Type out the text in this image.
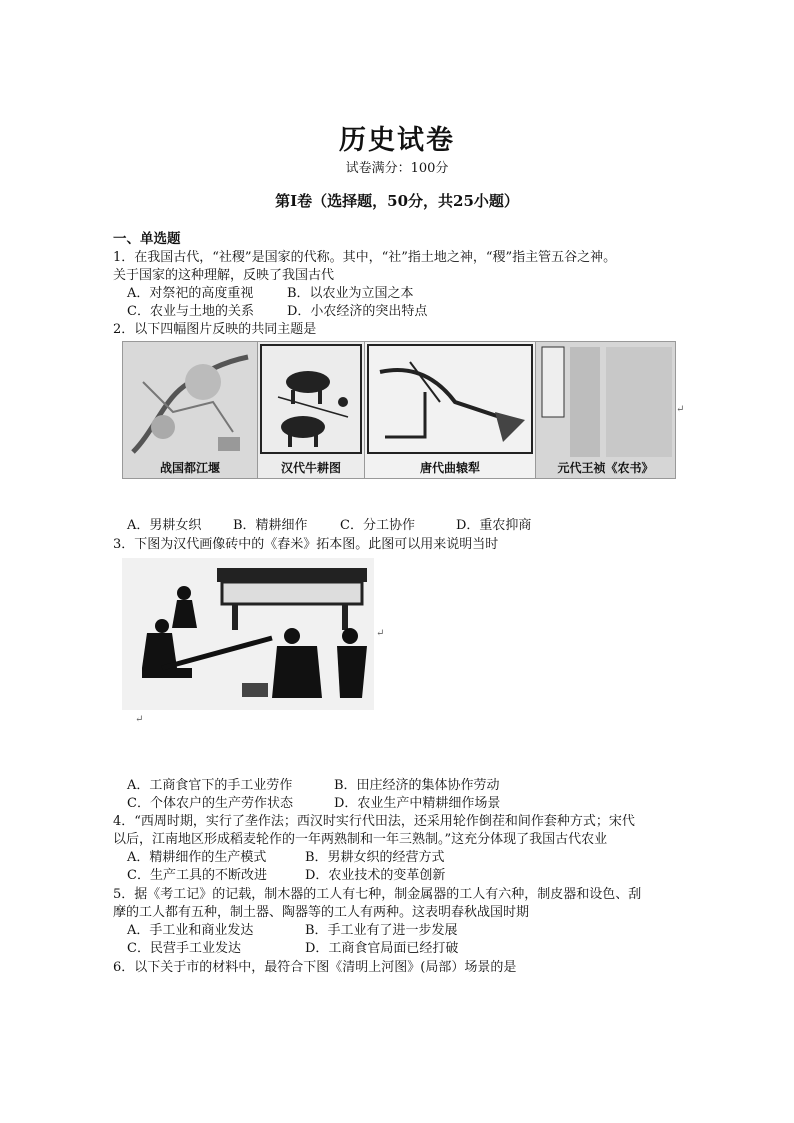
历史试卷
试卷满分：100分
第Ⅰ卷（选择题，50分，共25小题）
一、单选题
1．在我国古代，“社稷”是国家的代称。其中，“社”指土地之神，“稷”指主管五谷之神。
关于国家的这种理解，反映了我国古代
A．对祭祀的高度重视	B．以农业为立国之本
C．农业与土地的关系	D．小农经济的突出特点
2．以下四幅图片反映的共同主题是
战国都江堰	汉代牛耕图	唐代曲辕犁	元代王祯《农书》
↵
A．男耕女织 B．精耕细作 C．分工协作	D．重农抑商
3．下图为汉代画像砖中的《舂米》拓本图。此图可以用来说明当时
↵
↵
A．工商食官下的手工业劳作	B．田庄经济的集体协作劳动
C．个体农户的生产劳作状态	D．农业生产中精耕细作场景
4．“西周时期，实行了垄作法；西汉时实行代田法，还采用轮作倒茬和间作套种方式；宋代
以后，江南地区形成稻麦轮作的一年两熟制和一年三熟制。”这充分体现了我国古代农业
A．精耕细作的生产模式	B．男耕女织的经营方式
C．生产工具的不断改进	D．农业技术的变革创新
5．据《考工记》的记载，制木器的工人有七种，制金属器的工人有六种，制皮器和设色、刮
摩的工人都有五种，制土器、陶器等的工人有两种。这表明春秋战国时期
A．手工业和商业发达	B．手工业有了进一步发展
C．民营手工业发达	D．工商食官局面已经打破
6．以下关于市的材料中，最符合下图《清明上河图》(局部）场景的是
